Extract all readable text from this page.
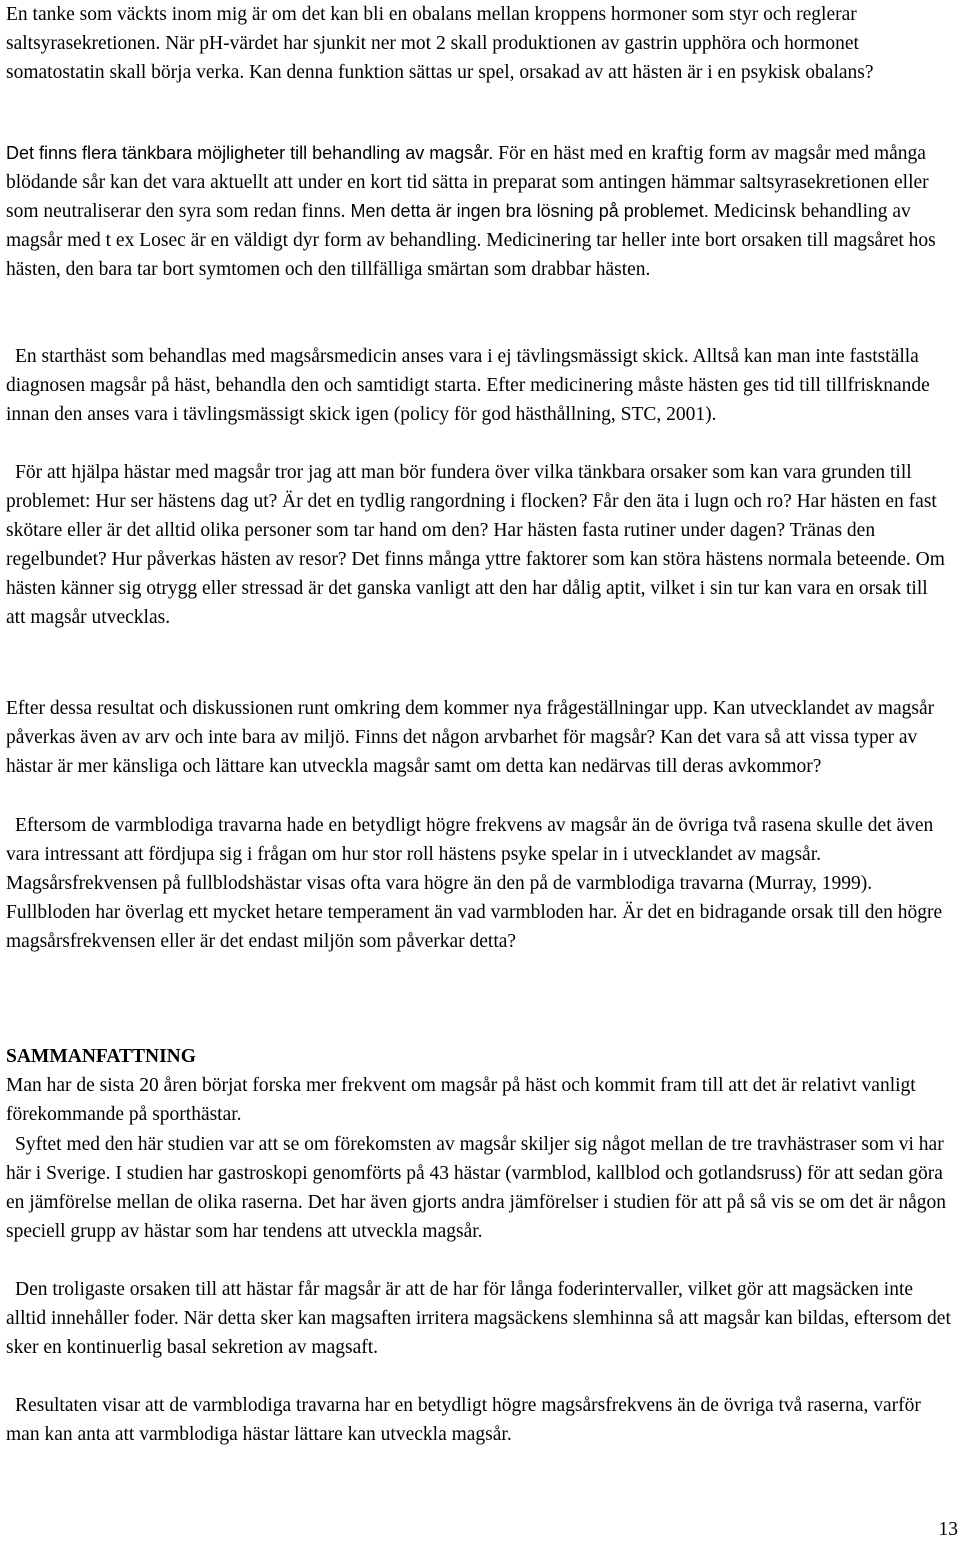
En tanke som väckts inom mig är om det kan bli en obalans mellan kroppens hormoner som styr och reglerar saltsyrasekretionen. När pH-värdet har sjunkit ner mot 2 skall produktionen av gastrin upphöra och hormonet somatostatin skall börja verka. Kan denna funktion sättas ur spel, orsakad av att hästen är i en psykisk obalans?

Det finns flera tänkbara möjligheter till behandling av magsår. För en häst med en kraftig form av magsår med många blödande sår kan det vara aktuellt att under en kort tid sätta in preparat som antingen hämmar saltsyrasekretionen eller som neutraliserar den syra som redan finns. Men detta är ingen bra lösning på problemet. Medicinsk behandling av magsår med t ex Losec är en väldigt dyr form av behandling. Medicinering tar heller inte bort orsaken till magsåret hos hästen, den bara tar bort symtomen och den tillfälliga smärtan som drabbar hästen.

En starthäst som behandlas med magsårsmedicin anses vara i ej tävlingsmässigt skick. Alltså kan man inte fastställa diagnosen magsår på häst, behandla den och samtidigt starta. Efter medicinering måste hästen ges tid till tillfrisknande innan den anses vara i tävlingsmässigt skick igen (policy för god hästhållning, STC, 2001).

För att hjälpa hästar med magsår tror jag att man bör fundera över vilka tänkbara orsaker som kan vara grunden till problemet: Hur ser hästens dag ut? Är det en tydlig rangordning i flocken? Får den äta i lugn och ro? Har hästen en fast skötare eller är det alltid olika personer som tar hand om den? Har hästen fasta rutiner under dagen? Tränas den regelbundet? Hur påverkas hästen av resor? Det finns många yttre faktorer som kan störa hästens normala beteende. Om hästen känner sig otrygg eller stressad är det ganska vanligt att den har dålig aptit, vilket i sin tur kan vara en orsak till att magsår utvecklas.

Efter dessa resultat och diskussionen runt omkring dem kommer nya frågeställningar upp. Kan utvecklandet av magsår påverkas även av arv och inte bara av miljö. Finns det någon arvbarhet för magsår? Kan det vara så att vissa typer av hästar är mer känsliga och lättare kan utveckla magsår samt om detta kan nedärvas till deras avkommor?

Eftersom de varmblodiga travarna hade en betydligt högre frekvens av magsår än de övriga två rasena skulle det även vara intressant att fördjupa sig i frågan om hur stor roll hästens psyke spelar in i utvecklandet av magsår. Magsårsfrekvensen på fullblodshästar visas ofta vara högre än den på de varmblodiga travarna (Murray, 1999). Fullbloden har överlag ett mycket hetare temperament än vad varmbloden har. Är det en bidragande orsak till den högre magsårsfrekvensen eller är det endast miljön som påverkar detta?

SAMMANFATTNING

Man har de sista 20 åren börjat forska mer frekvent om magsår på häst och kommit fram till att det är relativt vanligt förekommande på sporthästar.

Syftet med den här studien var att se om förekomsten av magsår skiljer sig något mellan de tre travhästraser som vi har här i Sverige. I studien har gastroskopi genomförts på 43 hästar (varmblod, kallblod och gotlandsruss) för att sedan göra en jämförelse mellan de olika raserna. Det har även gjorts andra jämförelser i studien för att på så vis se om det är någon speciell grupp av hästar som har tendens att utveckla magsår.

Den troligaste orsaken till att hästar får magsår är att de har för långa foderintervaller, vilket gör att magsäcken inte alltid innehåller foder. När detta sker kan magsaften irritera magsäckens slemhinna så att magsår kan bildas, eftersom det sker en kontinuerlig basal sekretion av magsaft.

Resultaten visar att de varmblodiga travarna har en betydligt högre magsårsfrekvens än de övriga två raserna, varför man kan anta att varmblodiga hästar lättare kan utveckla magsår.

13
